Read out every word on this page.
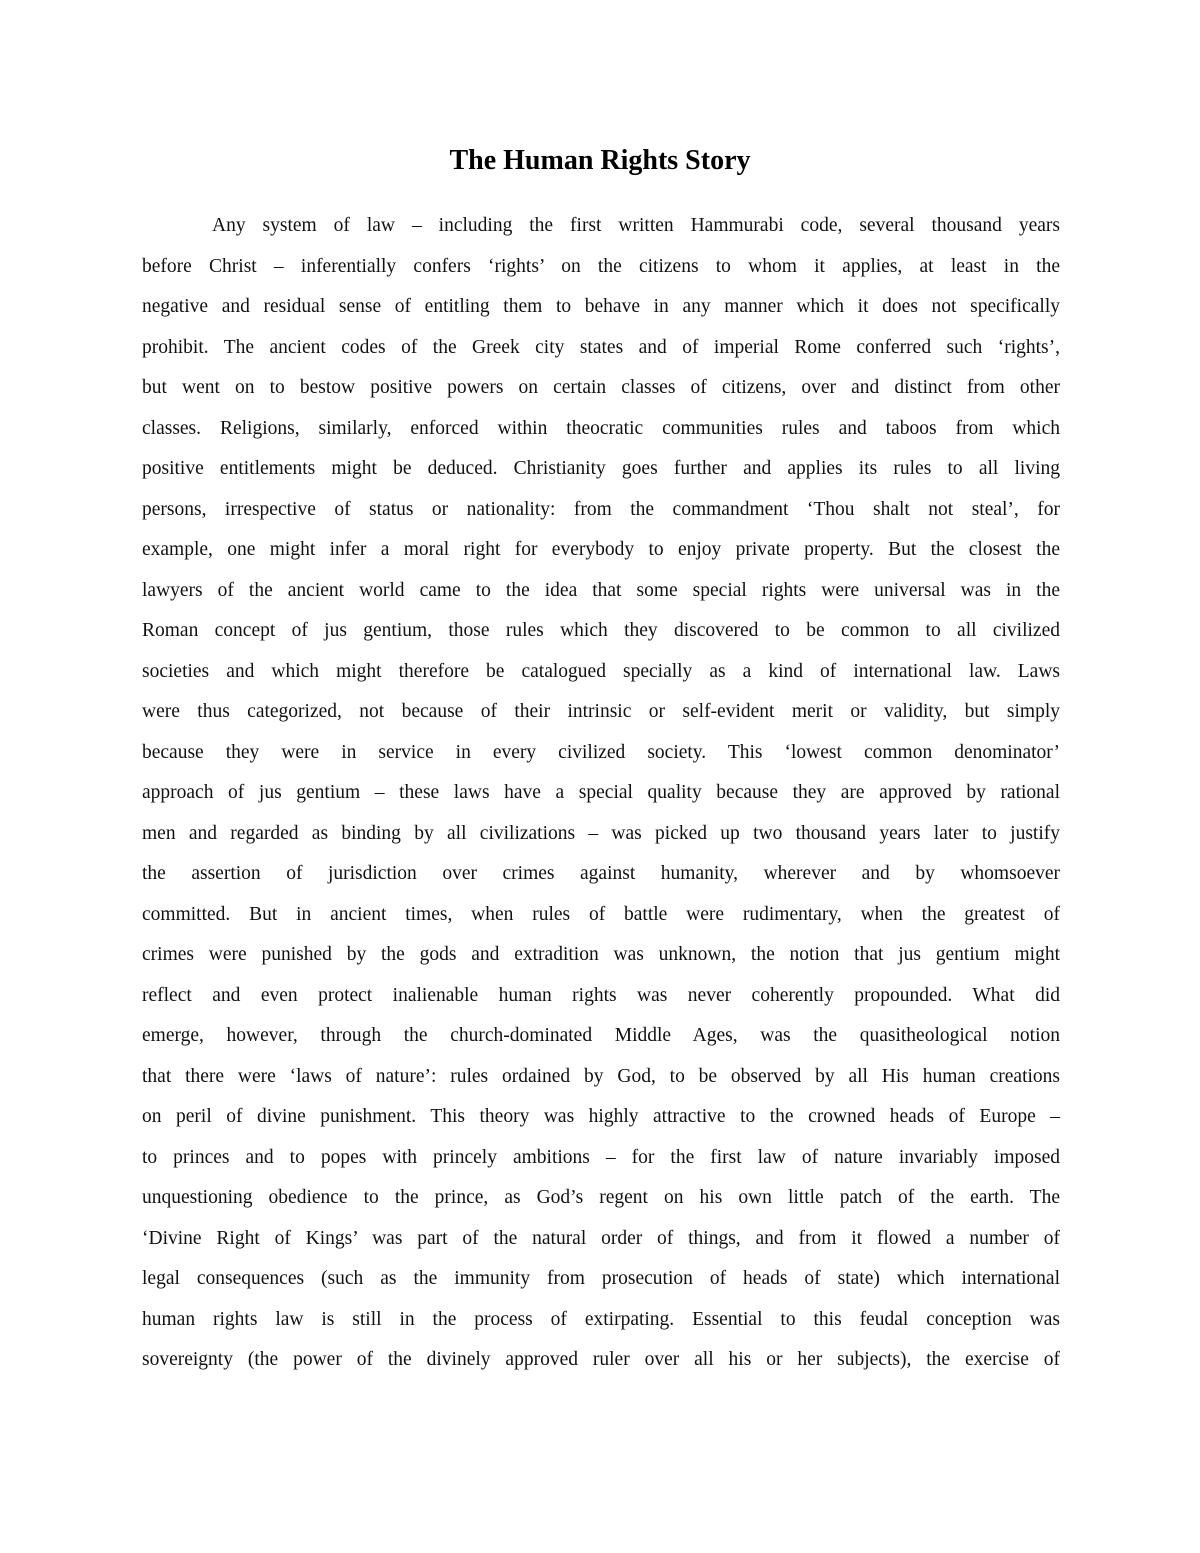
The Human Rights Story
Any system of law – including the first written Hammurabi code, several thousand years
before Christ – inferentially confers ‘rights’ on the citizens to whom it applies, at least in the
negative and residual sense of entitling them to behave in any manner which it does not specifically
prohibit. The ancient codes of the Greek city states and of imperial Rome conferred such ‘rights’,
but went on to bestow positive powers on certain classes of citizens, over and distinct from other
classes. Religions, similarly, enforced within theocratic communities rules and taboos from which
positive entitlements might be deduced. Christianity goes further and applies its rules to all living
persons, irrespective of status or nationality: from the commandment ‘Thou shalt not steal’, for
example, one might infer a moral right for everybody to enjoy private property. But the closest the
lawyers of the ancient world came to the idea that some special rights were universal was in the
Roman concept of jus gentium, those rules which they discovered to be common to all civilized
societies and which might therefore be catalogued specially as a kind of international law. Laws
were thus categorized, not because of their intrinsic or self-evident merit or validity, but simply
because they were in service in every civilized society. This ‘lowest common denominator’
approach of jus gentium – these laws have a special quality because they are approved by rational
men and regarded as binding by all civilizations – was picked up two thousand years later to justify
the assertion of jurisdiction over crimes against humanity, wherever and by whomsoever
committed. But in ancient times, when rules of battle were rudimentary, when the greatest of
crimes were punished by the gods and extradition was unknown, the notion that jus gentium might
reflect and even protect inalienable human rights was never coherently propounded. What did
emerge, however, through the church-dominated Middle Ages, was the quasitheological notion
that there were ‘laws of nature’: rules ordained by God, to be observed by all His human creations
on peril of divine punishment. This theory was highly attractive to the crowned heads of Europe –
to princes and to popes with princely ambitions – for the first law of nature invariably imposed
unquestioning obedience to the prince, as God’s regent on his own little patch of the earth. The
‘Divine Right of Kings’ was part of the natural order of things, and from it flowed a number of
legal consequences (such as the immunity from prosecution of heads of state) which international
human rights law is still in the process of extirpating. Essential to this feudal conception was
sovereignty (the power of the divinely approved ruler over all his or her subjects), the exercise of
